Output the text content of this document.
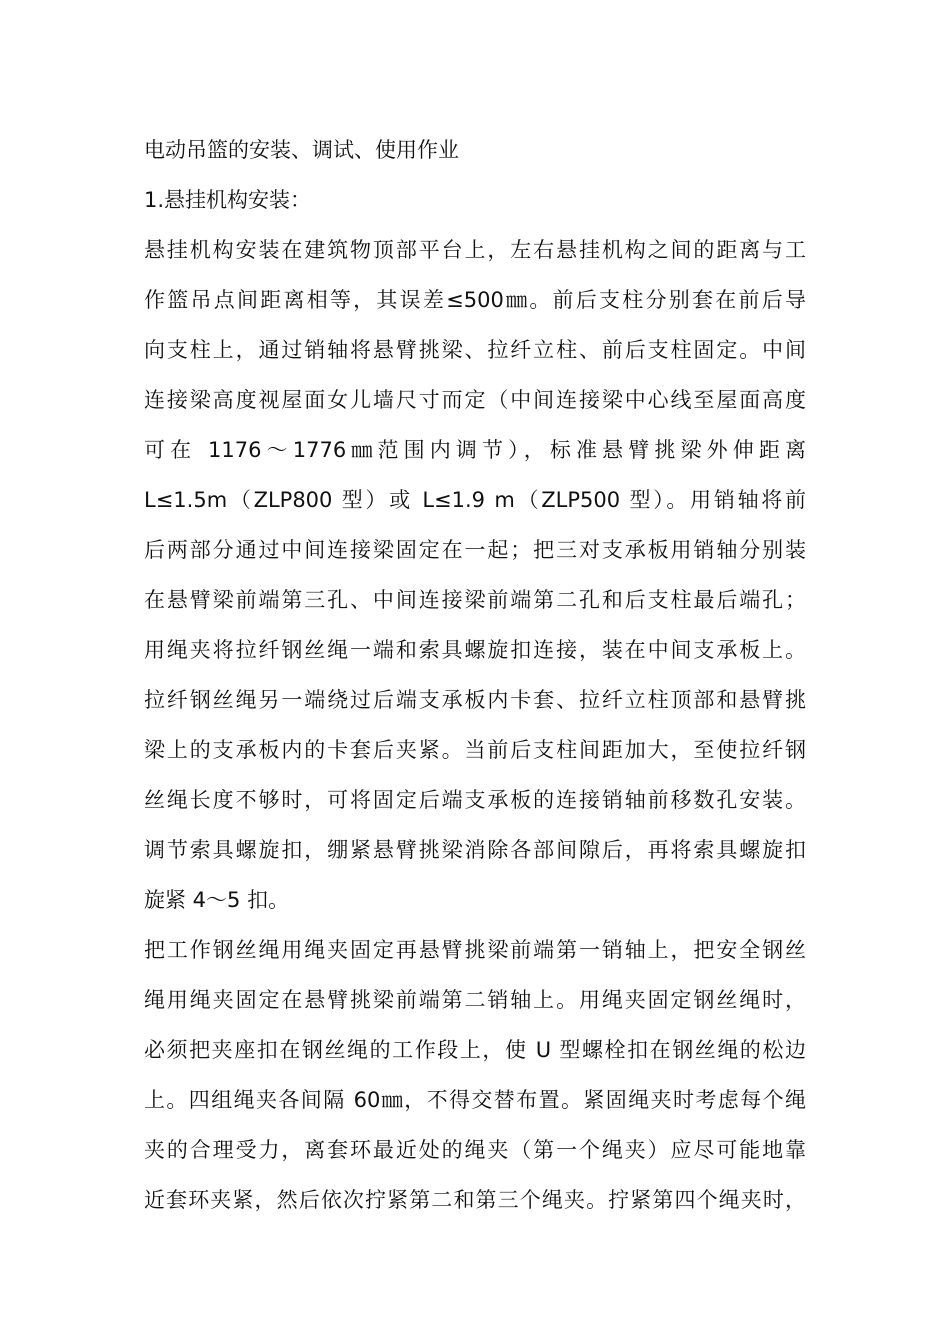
电动吊篮的安装、调试、使用作业
1.悬挂机构安装：
悬挂机构安装在建筑物顶部平台上，左右悬挂机构之间的距离与工
作篮吊点间距离相等，其误差≤500㎜。前后支柱分别套在前后导
向支柱上，通过销轴将悬臂挑梁、拉纤立柱、前后支柱固定。中间
连接梁高度视屋面女儿墙尺寸而定（中间连接梁中心线至屋面高度
可在 1176～1776㎜范围内调节），标准悬臂挑梁外伸距离
L≤1.5m（ZLP800 型）或 L≤1.9 m（ZLP500 型）。用销轴将前
后两部分通过中间连接梁固定在一起；把三对支承板用销轴分别装
在悬臂梁前端第三孔、中间连接梁前端第二孔和后支柱最后端孔；
用绳夹将拉纤钢丝绳一端和索具螺旋扣连接，装在中间支承板上。
拉纤钢丝绳另一端绕过后端支承板内卡套、拉纤立柱顶部和悬臂挑
梁上的支承板内的卡套后夹紧。当前后支柱间距加大，至使拉纤钢
丝绳长度不够时，可将固定后端支承板的连接销轴前移数孔安装。
调节索具螺旋扣，绷紧悬臂挑梁消除各部间隙后，再将索具螺旋扣
旋紧 4～5 扣。
把工作钢丝绳用绳夹固定再悬臂挑梁前端第一销轴上，把安全钢丝
绳用绳夹固定在悬臂挑梁前端第二销轴上。用绳夹固定钢丝绳时，
必须把夹座扣在钢丝绳的工作段上，使 U 型螺栓扣在钢丝绳的松边
上。四组绳夹各间隔 60㎜，不得交替布置。紧固绳夹时考虑每个绳
夹的合理受力，离套环最近处的绳夹（第一个绳夹）应尽可能地靠
近套环夹紧，然后依次拧紧第二和第三个绳夹。拧紧第四个绳夹时，
